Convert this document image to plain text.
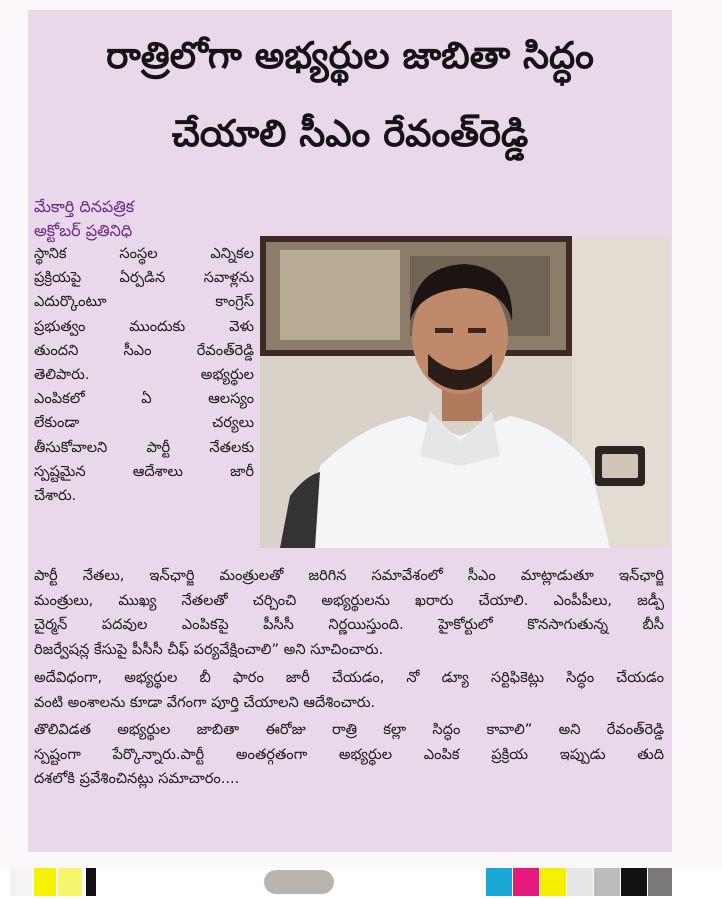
రాత్రిలోగా అభ్యర్థుల జాబితా సిద్ధం
చేయాలి సీఎం రేవంత్‌రెడ్డి
మేకార్తి దినపత్రిక
అక్టోబర్ ప్రతినిధి
స్థానిక సంస్థల ఎన్నికల
ప్రక్రియపై ఏర్పడిన సవాళ్లను
ఎదుర్కొంటూ కాంగ్రెస్
ప్రభుత్వం ముందుకు వెళు
తుందని సీఎం రేవంత్‌రెడ్డి
తెలిపారు. అభ్యర్థుల
ఎంపికలో ఏ ఆలస్యం
లేకుండా చర్యలు
తీసుకోవాలని పార్టీ నేతలకు
స్పష్టమైన ఆదేశాలు జారీ
చేశారు.
పార్టీ నేతలు, ఇన్‌ఛార్జి మంత్రులతో జరిగిన సమావేశంలో సీఎం మాట్లాడుతూ ఇన్‌ఛార్జి
మంత్రులు, ముఖ్య నేతలతో చర్చించి అభ్యర్థులను ఖరారు చేయాలి. ఎంపీపీలు, జడ్పీ
చైర్మన్ పదవుల ఎంపికపై పీసీసీ నిర్ణయిస్తుంది. హైకోర్టులో కొనసాగుతున్న బీసీ
రిజర్వేషన్ల కేసుపై పీసీసీ చీఫ్ పర్యవేక్షించాలి” అని సూచించారు.
అదేవిధంగా, అభ్యర్థుల బీ ఫారం జారీ చేయడం, నో డ్యూ సర్టిఫికెట్లు సిద్ధం చేయడం
వంటి అంశాలను కూడా వేగంగా పూర్తి చేయాలని ఆదేశించారు.
తొలివిడత అభ్యర్థుల జాబితా ఈరోజు రాత్రి కల్లా సిద్ధం కావాలి” అని రేవంత్‌రెడ్డి
స్పష్టంగా పేర్కొన్నారు.పార్టీ అంతర్గతంగా అభ్యర్థుల ఎంపిక ప్రక్రియ ఇప్పుడు తుది
దశలోకి ప్రవేశించినట్లు సమాచారం....
